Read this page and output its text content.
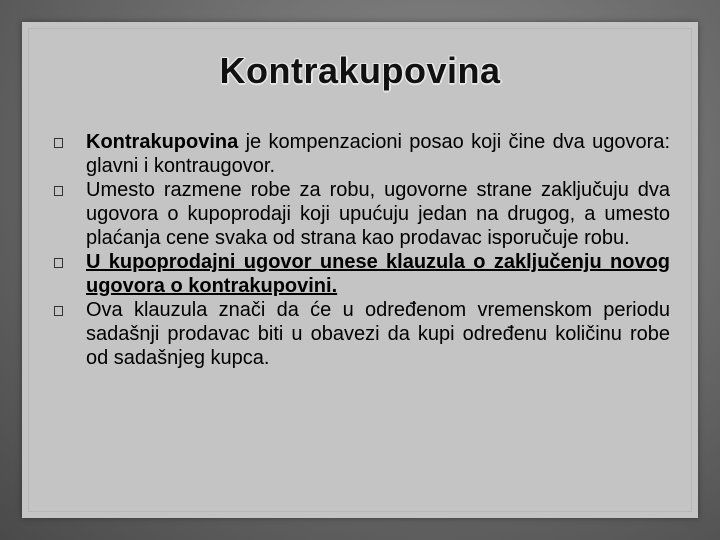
Kontrakupovina
Kontrakupovina je kompenzacioni posao koji čine dva ugovora: glavni i kontraugovor.
Umesto razmene robe za robu, ugovorne strane zaključuju dva ugovora o kupoprodaji koji upućuju jedan na drugog, a umesto plaćanja cene svaka od strana kao prodavac isporučuje robu.
U kupoprodajni ugovor unese klauzula o zaključenju novog ugovora o kontrakupovini.
Ova klauzula znači da će u određenom vremenskom periodu sadašnji prodavac biti u obavezi da kupi određenu količinu robe od sadašnjeg kupca.
